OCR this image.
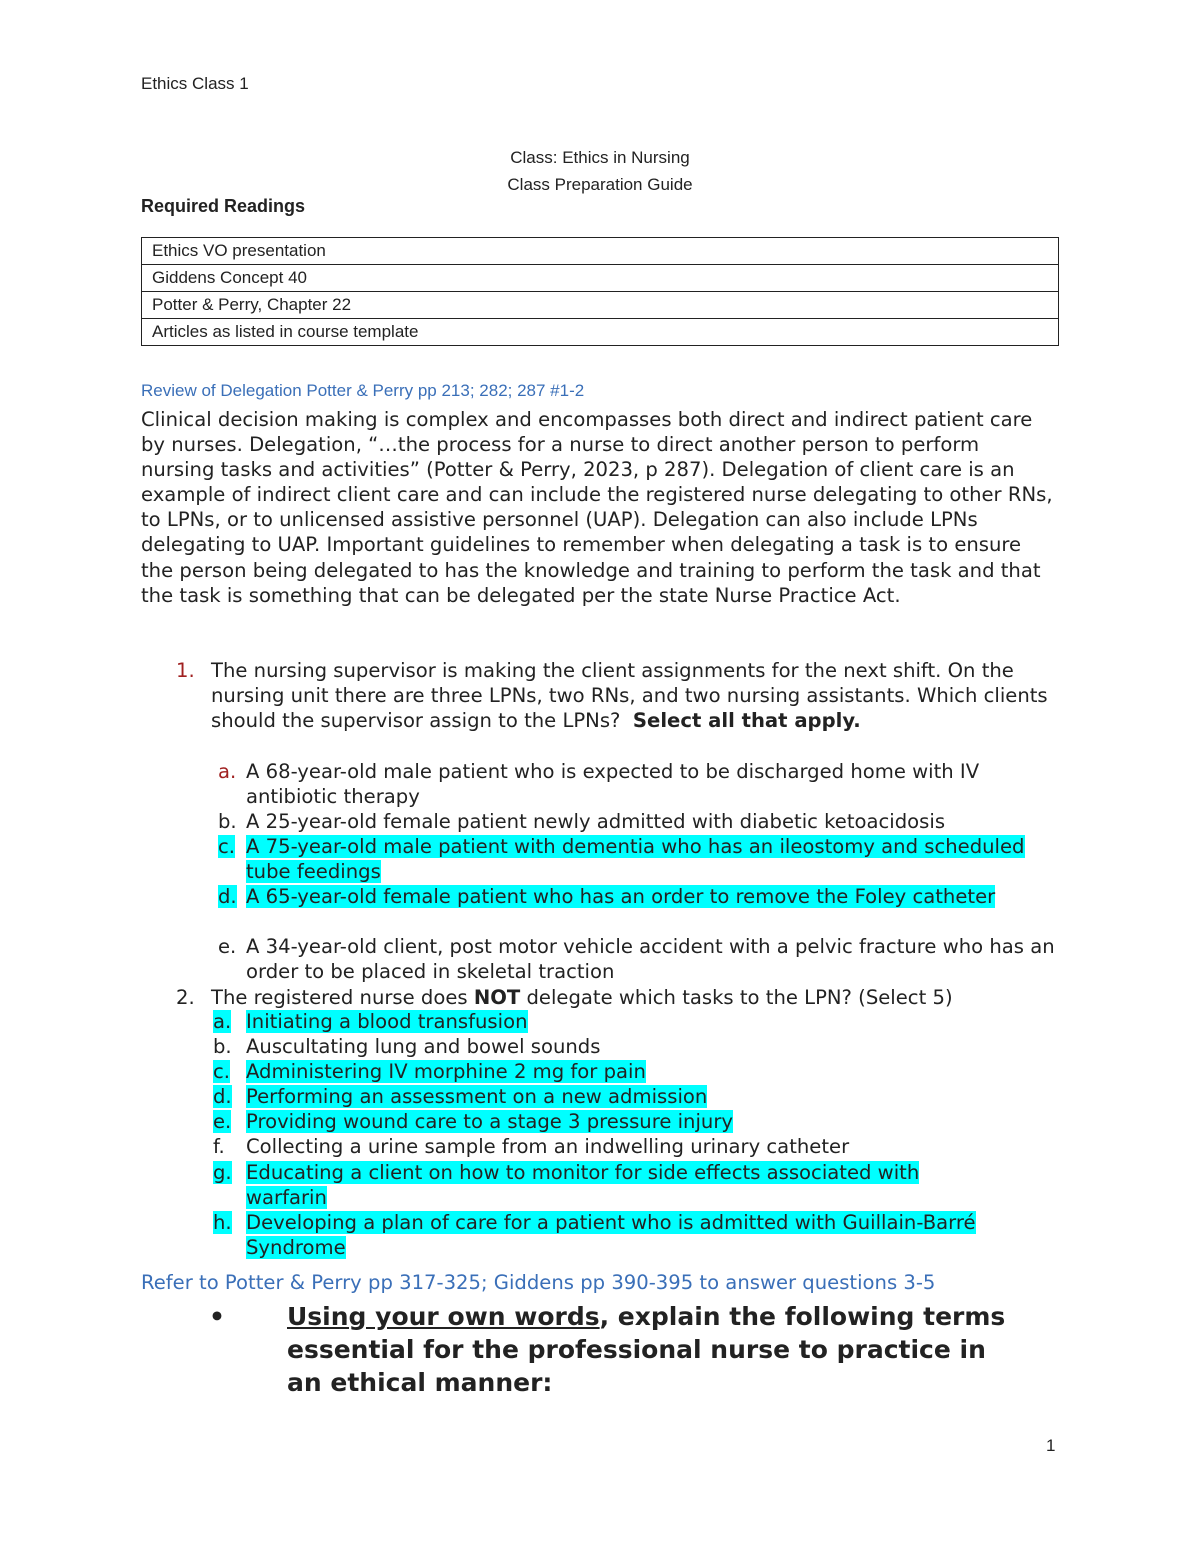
Ethics Class 1
Class: Ethics in Nursing
Class Preparation Guide
Required Readings
Ethics VO presentation
Giddens Concept 40
Potter & Perry, Chapter 22
Articles as listed in course template
Review of Delegation Potter & Perry pp 213; 282; 287 #1-2

Clinical decision making is complex and encompasses both direct and indirect patient care by nurses. Delegation, “…the process for a nurse to direct another person to perform nursing tasks and activities” (Potter & Perry, 2023, p 287). Delegation of client care is an example of indirect client care and can include the registered nurse delegating to other RNs, to LPNs, or to unlicensed assistive personnel (UAP). Delegation can also include LPNs delegating to UAP. Important guidelines to remember when delegating a task is to ensure the person being delegated to has the knowledge and training to perform the task and that the task is something that can be delegated per the state Nurse Practice Act.

1. The nursing supervisor is making the client assignments for the next shift. On the nursing unit there are three LPNs, two RNs, and two nursing assistants. Which clients should the supervisor assign to the LPNs? Select all that apply.
a. A 68-year-old male patient who is expected to be discharged home with IV antibiotic therapy
b. A 25-year-old female patient newly admitted with diabetic ketoacidosis
c. A 75-year-old male patient with dementia who has an ileostomy and scheduled tube feedings
d. A 65-year-old female patient who has an order to remove the Foley catheter
e. A 34-year-old client, post motor vehicle accident with a pelvic fracture who has an order to be placed in skeletal traction
2. The registered nurse does NOT delegate which tasks to the LPN? (Select 5)
a. Initiating a blood transfusion
b. Auscultating lung and bowel sounds
c. Administering IV morphine 2 mg for pain
d. Performing an assessment on a new admission
e. Providing wound care to a stage 3 pressure injury
f. Collecting a urine sample from an indwelling urinary catheter
g. Educating a client on how to monitor for side effects associated with warfarin
h. Developing a plan of care for a patient who is admitted with Guillain-Barré Syndrome
Refer to Potter & Perry pp 317-325; Giddens pp 390-395 to answer questions 3-5
• Using your own words, explain the following terms essential for the professional nurse to practice in an ethical manner:
1
